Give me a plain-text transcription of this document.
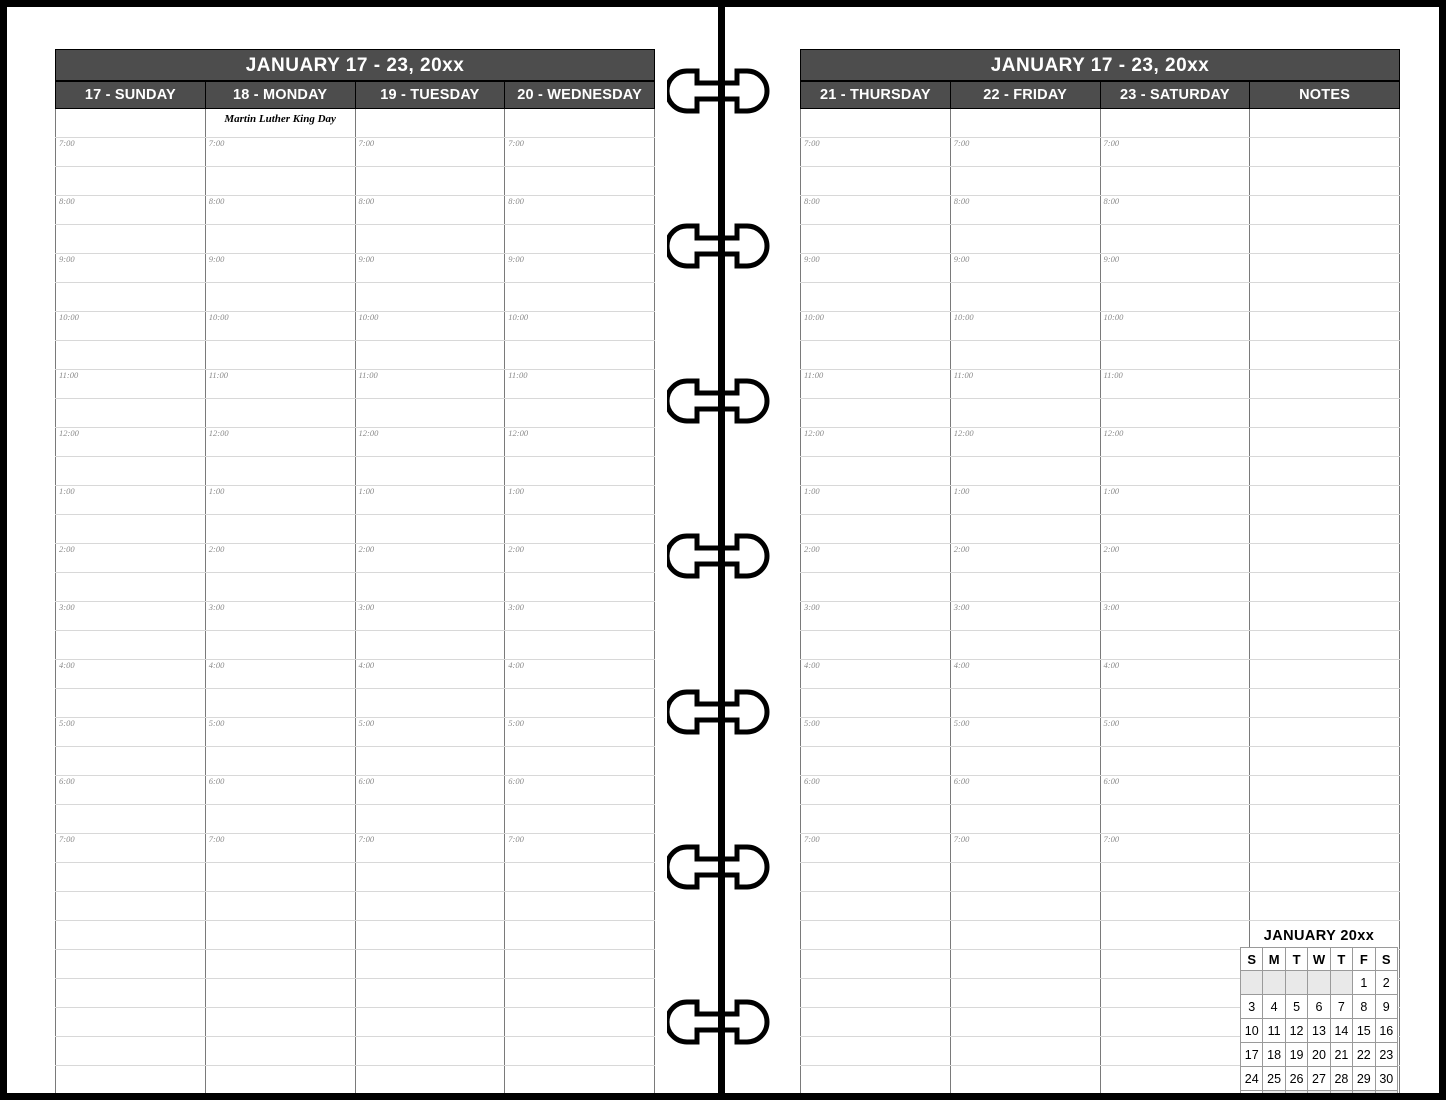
JANUARY 17 - 23, 20xx
17 - SUNDAY	18 - MONDAY	19 - TUESDAY	20 - WEDNESDAY

	Martin Luther King Day		

7:00	7:00	7:00	7:00

8:00	8:00	8:00	8:00

9:00	9:00	9:00	9:00

10:00	10:00	10:00	10:00

11:00	11:00	11:00	11:00

12:00	12:00	12:00	12:00

1:00	1:00	1:00	1:00

2:00	2:00	2:00	2:00

3:00	3:00	3:00	3:00

4:00	4:00	4:00	4:00

5:00	5:00	5:00	5:00

6:00	6:00	6:00	6:00

7:00	7:00	7:00	7:00

JANUARY 17 - 23, 20xx
21 - THURSDAY	22 - FRIDAY	23 - SATURDAY	NOTES

7:00	7:00	7:00	

8:00	8:00	8:00	

9:00	9:00	9:00	

10:00	10:00	10:00	

11:00	11:00	11:00	

12:00	12:00	12:00	

1:00	1:00	1:00	

2:00	2:00	2:00	

3:00	3:00	3:00	

4:00	4:00	4:00	

5:00	5:00	5:00	

6:00	6:00	6:00	

7:00	7:00	7:00	

JANUARY 20xx
S	M	T	W	T	F	S
					1	2
3	4	5	6	7	8	9
10	11	12	13	14	15	16
17	18	19	20	21	22	23
24	25	26	27	28	29	30
